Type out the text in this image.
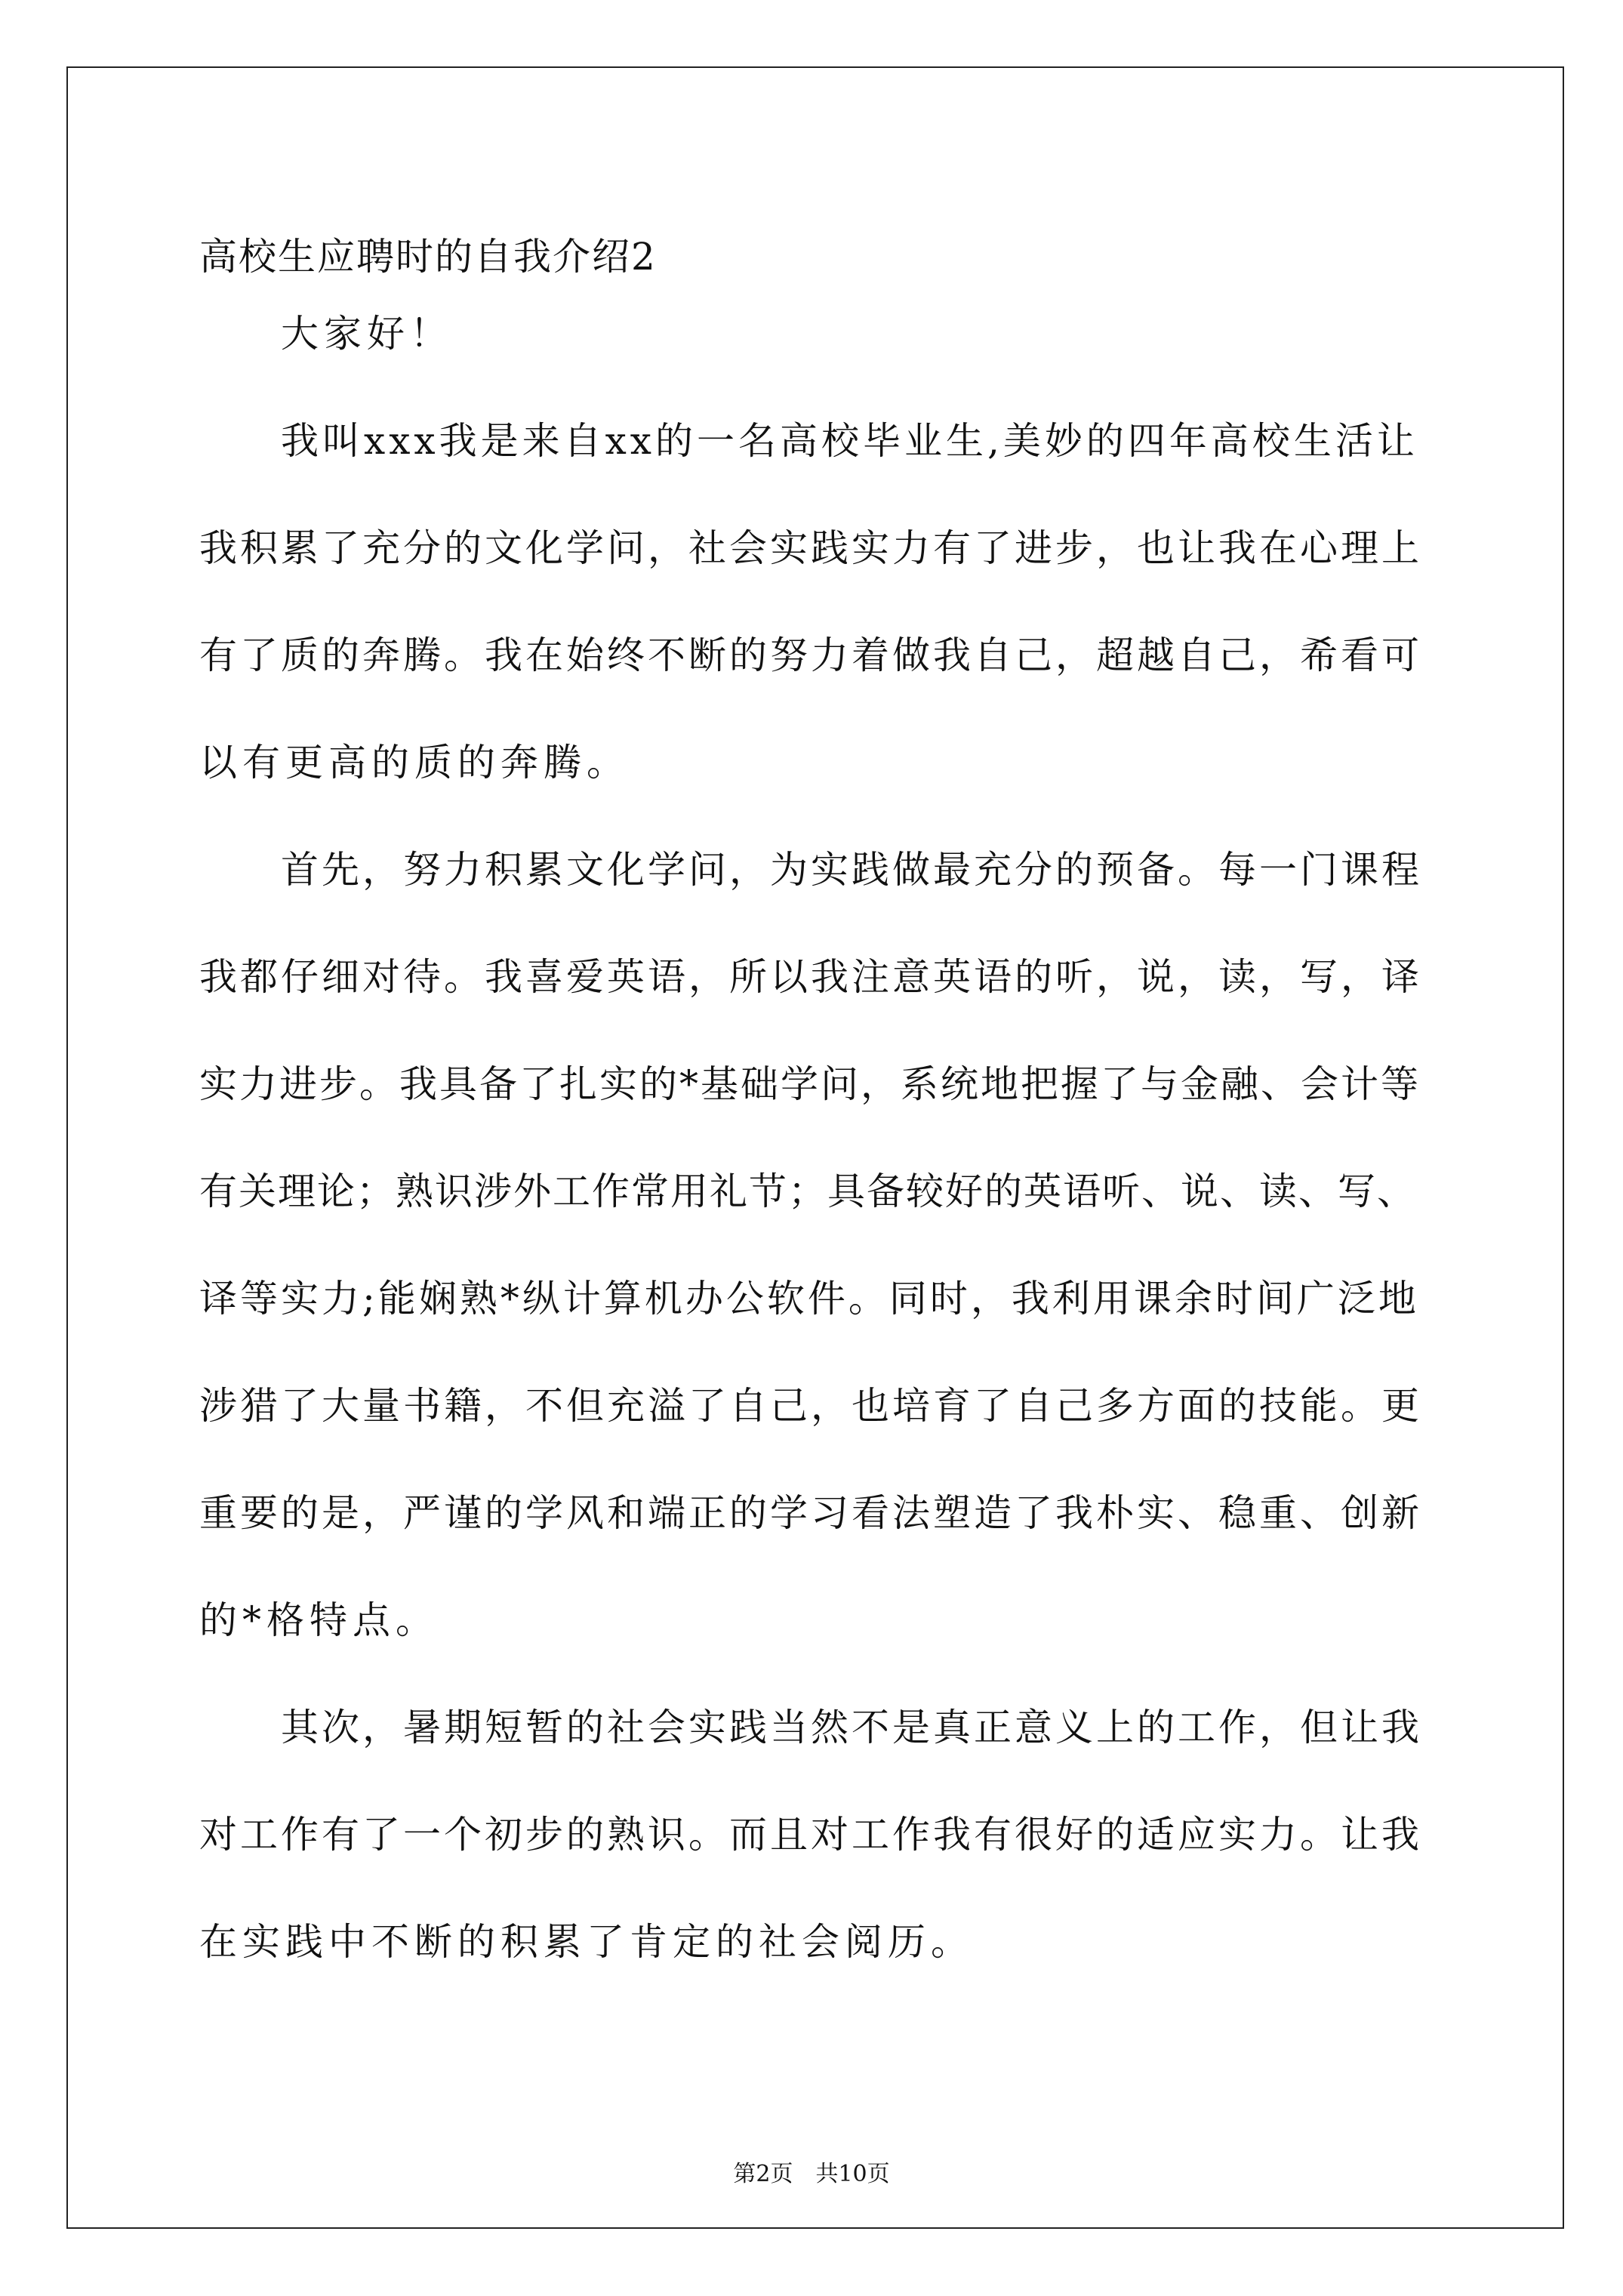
高校生应聘时的自我介绍2
大家好！
我叫xxx我是来自xx的一名高校毕业生,美妙的四年高校生活让
我积累了充分的文化学问，社会实践实力有了进步，也让我在心理上
有了质的奔腾。我在始终不断的努力着做我自己，超越自己，希看可
以有更高的质的奔腾。
首先，努力积累文化学问，为实践做最充分的预备。每一门课程
我都仔细对待。我喜爱英语，所以我注意英语的听，说，读，写，译
实力进步。我具备了扎实的*基础学问，系统地把握了与金融、会计等
有关理论；熟识涉外工作常用礼节；具备较好的英语听、说、读、写、
译等实力;能娴熟*纵计算机办公软件。同时，我利用课余时间广泛地
涉猎了大量书籍，不但充溢了自己，也培育了自己多方面的技能。更
重要的是，严谨的学风和端正的学习看法塑造了我朴实、稳重、创新
的*格特点。
其次，暑期短暂的社会实践当然不是真正意义上的工作，但让我
对工作有了一个初步的熟识。而且对工作我有很好的适应实力。让我
在实践中不断的积累了肯定的社会阅历。
第2页　共10页
